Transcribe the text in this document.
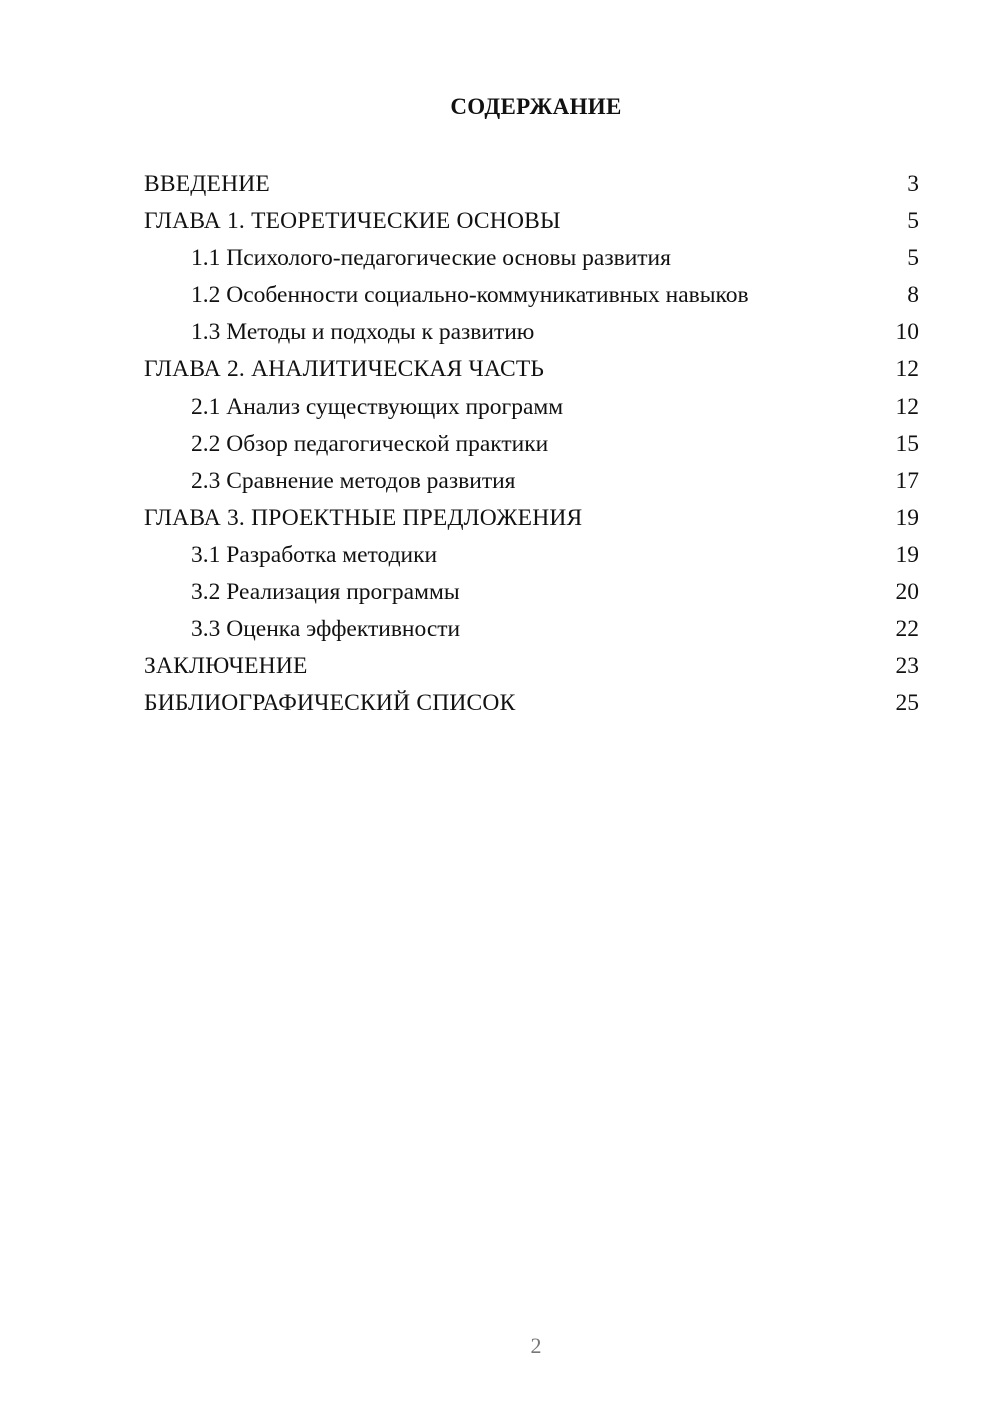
СОДЕРЖАНИЕ
ВВЕДЕНИЕ	3
ГЛАВА 1. ТЕОРЕТИЧЕСКИЕ ОСНОВЫ	5
1.1 Психолого-педагогические основы развития	5
1.2 Особенности социально-коммуникативных навыков	8
1.3 Методы и подходы к развитию	10
ГЛАВА 2. АНАЛИТИЧЕСКАЯ ЧАСТЬ	12
2.1 Анализ существующих программ	12
2.2 Обзор педагогической практики	15
2.3 Сравнение методов развития	17
ГЛАВА 3. ПРОЕКТНЫЕ ПРЕДЛОЖЕНИЯ	19
3.1 Разработка методики	19
3.2 Реализация программы	20
3.3 Оценка эффективности	22
ЗАКЛЮЧЕНИЕ	23
БИБЛИОГРАФИЧЕСКИЙ СПИСОК	25
2
